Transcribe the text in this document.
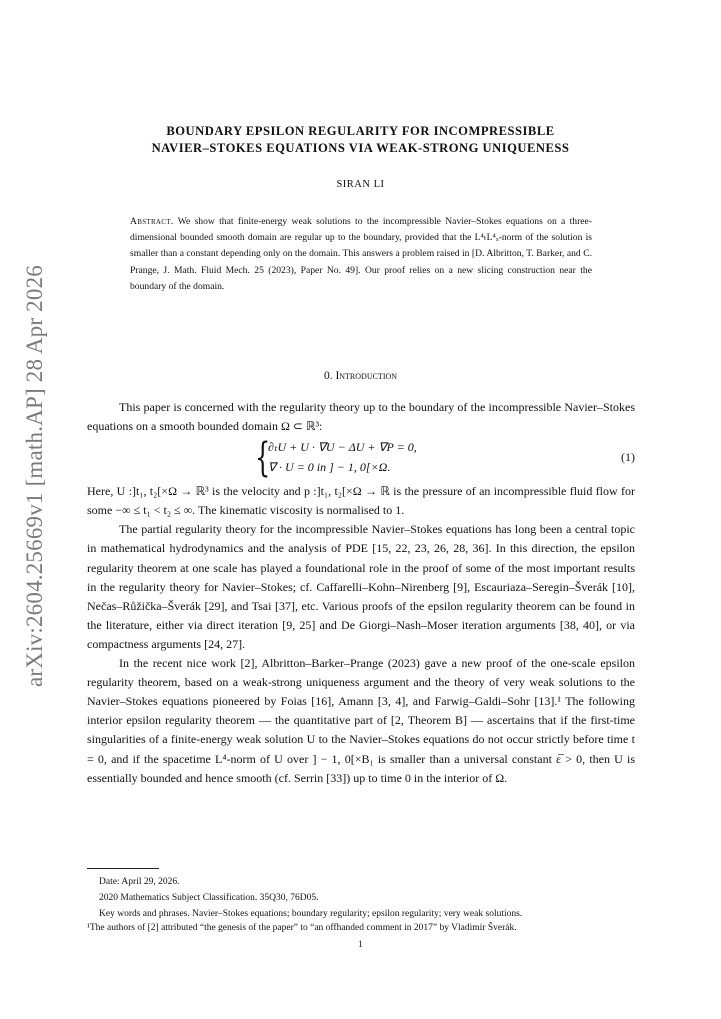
arXiv:2604.25669v1 [math.AP] 28 Apr 2026
BOUNDARY EPSILON REGULARITY FOR INCOMPRESSIBLE
NAVIER–STOKES EQUATIONS VIA WEAK-STRONG UNIQUENESS
SIRAN LI
Abstract. We show that finite-energy weak solutions to the incompressible Navier–Stokes equations on a three-dimensional bounded smooth domain are regular up to the boundary, provided that the L⁴ₜL⁴ₓ-norm of the solution is smaller than a constant depending only on the domain. This answers a problem raised in [D. Albritton, T. Barker, and C. Prange, J. Math. Fluid Mech. 25 (2023), Paper No. 49]. Our proof relies on a new slicing construction near the boundary of the domain.
0. Introduction

This paper is concerned with the regularity theory up to the boundary of the incompressible Navier–Stokes equations on a smooth bounded domain Ω ⊂ ℝ³:

{
∂ₜU + U · ∇U − ΔU + ∇P = 0,
∇ · U = 0 in ] − 1, 0[×Ω.
(1)

Here, U :]t₁, t₂[×Ω → ℝ³ is the velocity and p :]t₁, t₂[×Ω → ℝ is the pressure of an incompressible fluid flow for some −∞ ≤ t₁ < t₂ ≤ ∞. The kinematic viscosity is normalised to 1.

The partial regularity theory for the incompressible Navier–Stokes equations has long been a central topic in mathematical hydrodynamics and the analysis of PDE [15, 22, 23, 26, 28, 36]. In this direction, the epsilon regularity theorem at one scale has played a foundational role in the proof of some of the most important results in the regularity theory for Navier–Stokes; cf. Caffarelli–Kohn–Nirenberg [9], Escauriaza–Seregin–Šverák [10], Nečas–Růžička–Šverák [29], and Tsai [37], etc. Various proofs of the epsilon regularity theorem can be found in the literature, either via direct iteration [9, 25] and De Giorgi–Nash–Moser iteration arguments [38, 40], or via compactness arguments [24, 27].

In the recent nice work [2], Albritton–Barker–Prange (2023) gave a new proof of the one-scale epsilon regularity theorem, based on a weak-strong uniqueness argument and the theory of very weak solutions to the Navier–Stokes equations pioneered by Foias [16], Amann [3, 4], and Farwig–Galdi–Sohr [13].¹ The following interior epsilon regularity theorem — the quantitative part of [2, Theorem B] — ascertains that if the first-time singularities of a finite-energy weak solution U to the Navier–Stokes equations do not occur strictly before time t = 0, and if the spacetime L⁴-norm of U over ] − 1, 0[×B₁ is smaller than a universal constant ε̅ > 0, then U is essentially bounded and hence smooth (cf. Serrin [33]) up to time 0 in the interior of Ω.

Date: April 29, 2026.
2020 Mathematics Subject Classification. 35Q30, 76D05.
Key words and phrases. Navier–Stokes equations; boundary regularity; epsilon regularity; very weak solutions.
¹The authors of [2] attributed “the genesis of the paper” to “an offhanded comment in 2017” by Vladimír Šverák.
1
